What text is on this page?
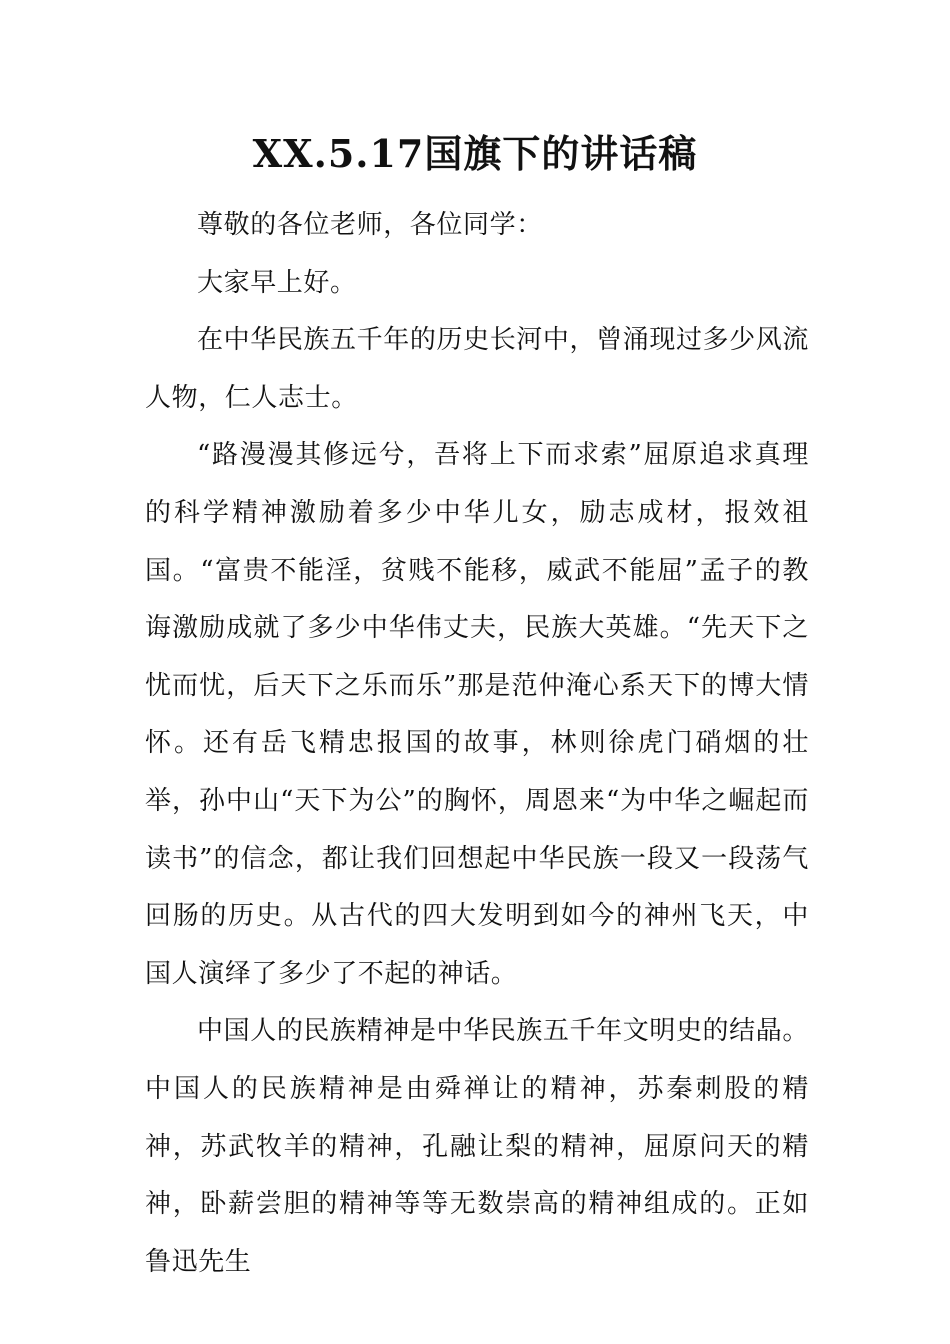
XX.5.17国旗下的讲话稿

尊敬的各位老师，各位同学：

大家早上好。

在中华民族五千年的历史长河中，曾涌现过多少风流人物，仁人志士。

“路漫漫其修远兮，吾将上下而求索”屈原追求真理的科学精神激励着多少中华儿女，励志成材，报效祖国。“富贵不能淫，贫贱不能移，威武不能屈”孟子的教诲激励成就了多少中华伟丈夫，民族大英雄。“先天下之忧而忧，后天下之乐而乐”那是范仲淹心系天下的博大情怀。还有岳飞精忠报国的故事，林则徐虎门硝烟的壮举，孙中山“天下为公”的胸怀，周恩来“为中华之崛起而读书”的信念，都让我们回想起中华民族一段又一段荡气回肠的历史。从古代的四大发明到如今的神州飞天，中国人演绎了多少了不起的神话。

中国人的民族精神是中华民族五千年文明史的结晶。中国人的民族精神是由舜禅让的精神，苏秦刺股的精神，苏武牧羊的精神，孔融让梨的精神，屈原问天的精神，卧薪尝胆的精神等等无数崇高的精神组成的。正如鲁迅先生
